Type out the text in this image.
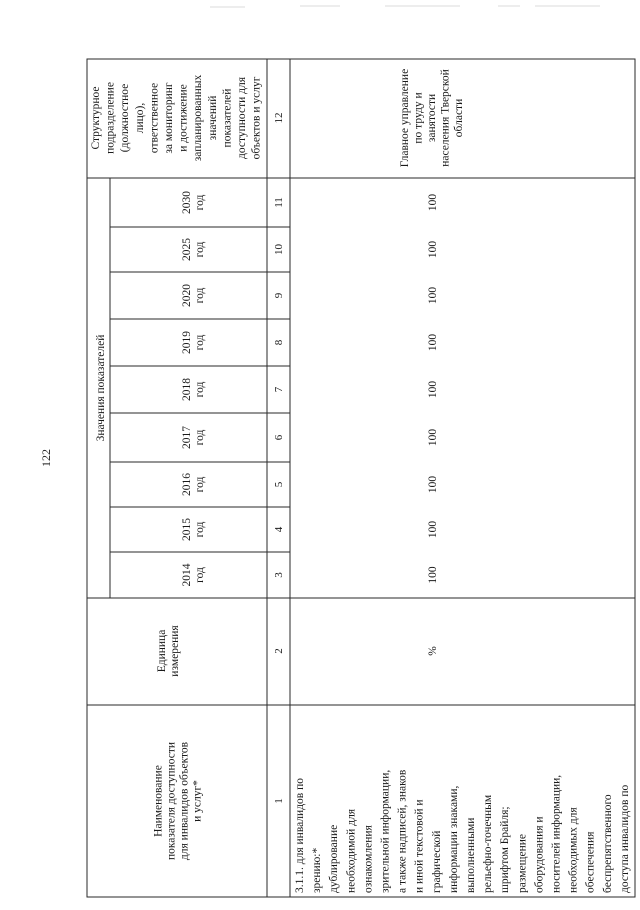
122
Значения показателей
Наименование показателя доступности для инвалидов объектов и услуг*
Единица измерения
2014 год
2015 год
2016 год
2017 год
2018 год
2019 год
2020 год
2025 год
2030 год
Структурное подразделение (должностное лицо), ответственное за мониторинг и достижение запланированных значений показателей доступности для объектов и услуг
1
2
3
4
5
6
7
8
9
10
11
12
3.1.1. для инвалидов по зрению:* дублирование необходимой для ознакомления зрительной информации, а также надписей, знаков и иной текстовой и графической информации знаками, выполненными рельефно-точечным шрифтом Брайля; размещение оборудования и носителей информации, необходимых для обеспечения беспрепятственного доступа инвалидов по
%
100
100
100
100
100
100
100
100
100
Главное управление по труду и занятости населения Тверской области
